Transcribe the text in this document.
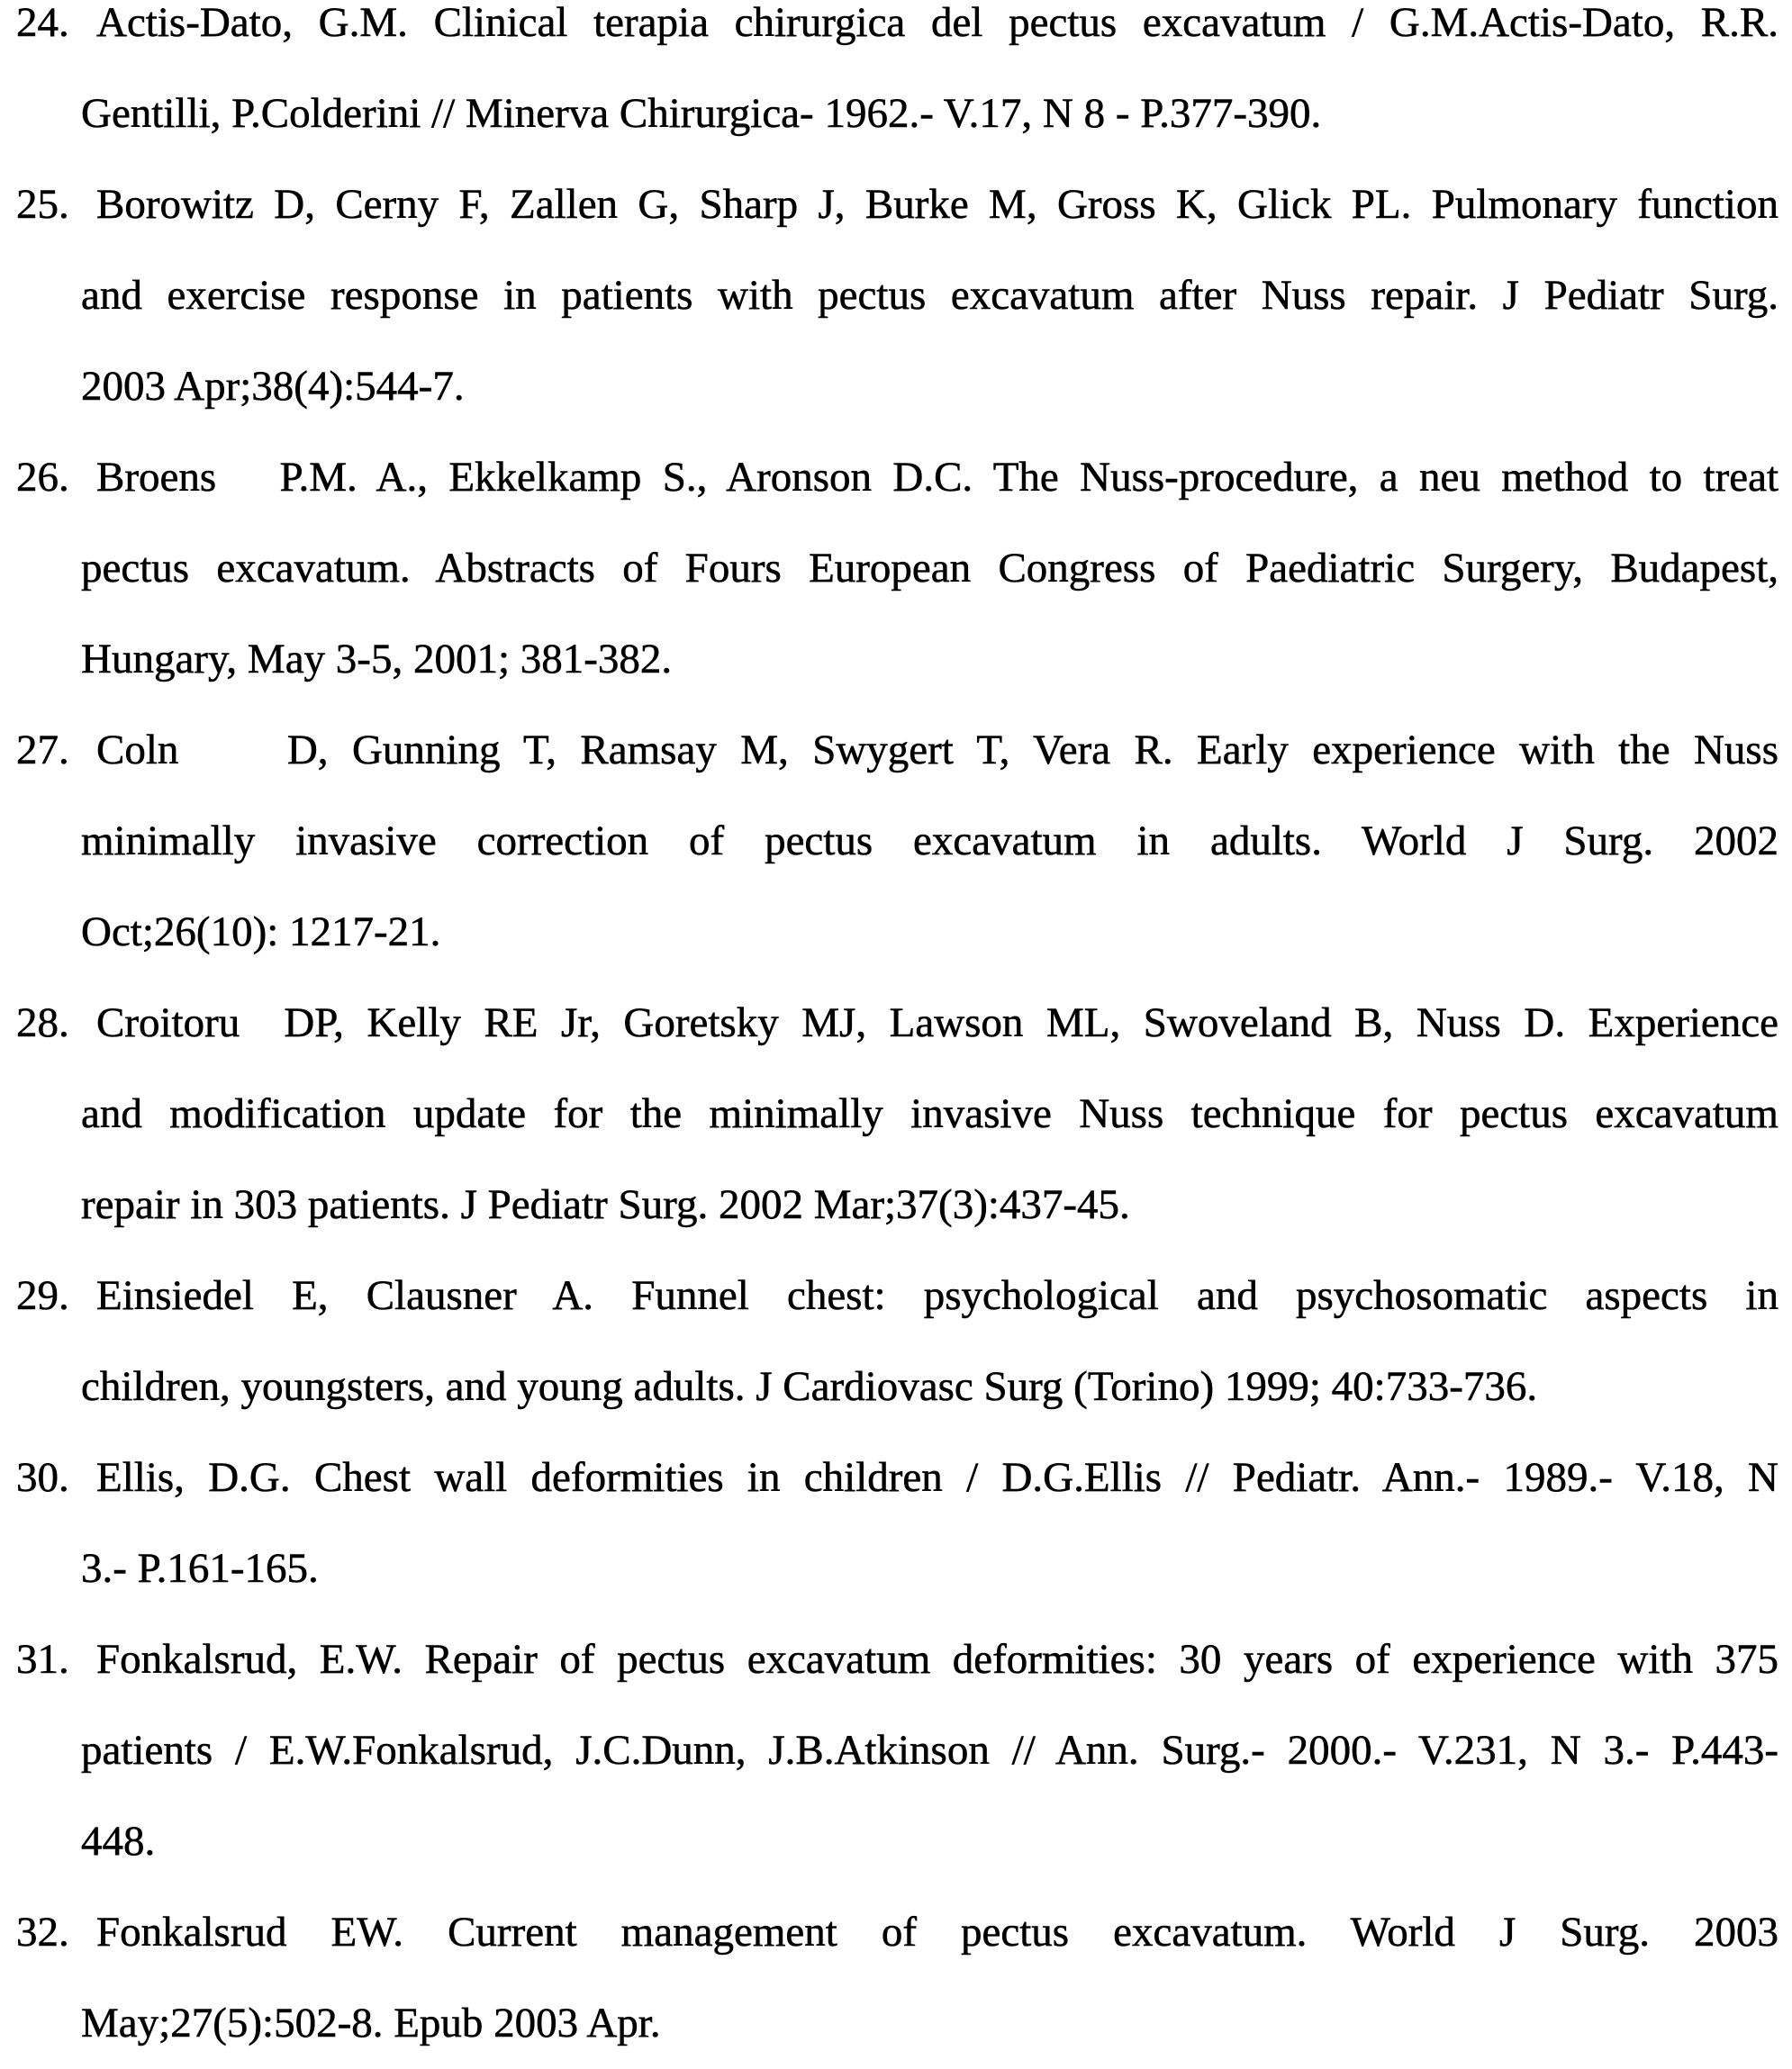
24. Actis-Dato, G.M. Clinical terapia chirurgica del pectus excavatum / G.M.Actis-Dato, R.R.
Gentilli, P.Colderini // Minerva Chirurgica- 1962.- V.17, N 8 - P.377-390.
25. Borowitz D, Cerny F, Zallen G, Sharp J, Burke M, Gross K, Glick PL. Pulmonary function
and exercise response in patients with pectus excavatum after Nuss repair. J Pediatr Surg.
2003 Apr;38(4):544-7.
26. Broens  P.M. A., Ekkelkamp S., Aronson D.C. The Nuss-procedure, a neu method to treat
pectus excavatum. Abstracts of Fours European Congress of Paediatric Surgery, Budapest,
Hungary, May 3-5, 2001; 381-382.
27. Coln   D, Gunning T, Ramsay M, Swygert T, Vera R. Early experience with the Nuss
minimally invasive correction of pectus excavatum in adults. World J Surg. 2002
Oct;26(10): 1217-21.
28. Croitoru  DP, Kelly RE Jr, Goretsky MJ, Lawson ML, Swoveland B, Nuss D. Experience
and modification update for the minimally invasive Nuss technique for pectus excavatum
repair in 303 patients. J Pediatr Surg. 2002 Mar;37(3):437-45.
29. Einsiedel E, Clausner A. Funnel chest: psychological and psychosomatic aspects in
children, youngsters, and young adults. J Cardiovasc Surg (Torino) 1999; 40:733-736.
30. Ellis, D.G. Chest wall deformities in children / D.G.Ellis // Pediatr. Ann.- 1989.- V.18, N
3.- P.161-165.
31. Fonkalsrud, E.W. Repair of pectus excavatum deformities: 30 years of experience with 375
patients / E.W.Fonkalsrud, J.C.Dunn, J.B.Atkinson // Ann. Surg.- 2000.- V.231, N 3.- P.443-
448.
32. Fonkalsrud EW. Current management of pectus excavatum. World J Surg. 2003
May;27(5):502-8. Epub 2003 Apr.
